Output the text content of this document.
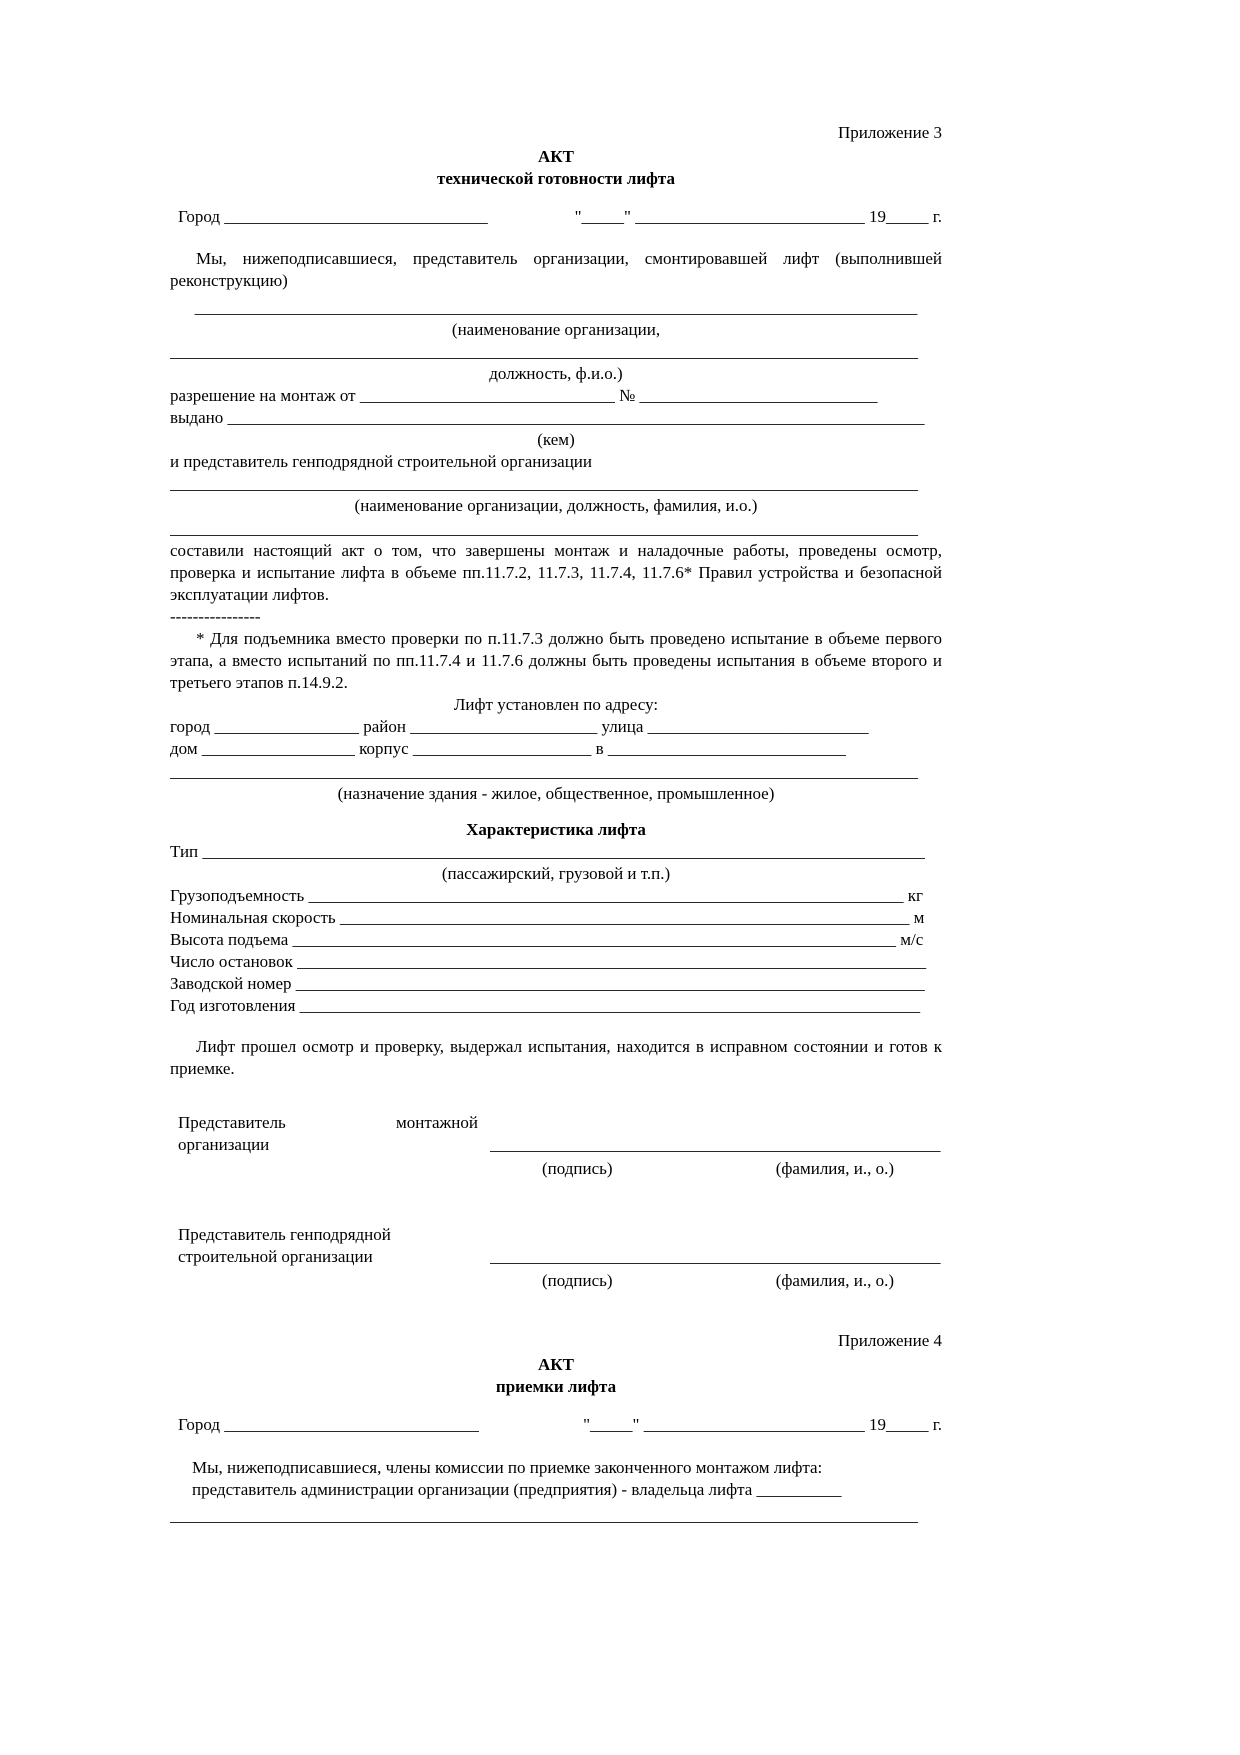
Приложение 3
АКТ
технической готовности лифта
Город _______________________________	"_____" ___________________________ 19_____ г.
Мы, нижеподписавшиеся, представитель организации, смонтировавшей лифт (выполнившей реконструкцию)
_____________________________________________________________________________________
(наименование организации,
________________________________________________________________________________________
должность, ф.и.о.)
разрешение на монтаж от ______________________________ № ____________________________
выдано __________________________________________________________________________________
(кем)
и представитель генподрядной строительной организации
________________________________________________________________________________________
(наименование организации, должность, фамилия, и.о.)
________________________________________________________________________________________
составили настоящий акт о том, что завершены монтаж и наладочные работы, проведены осмотр, проверка и испытание лифта в объеме пп.11.7.2, 11.7.3, 11.7.4, 11.7.6* Правил устройства и безопасной эксплуатации лифтов.
----------------
* Для подъемника вместо проверки по п.11.7.3 должно быть проведено испытание в объеме первого этапа, а вместо испытаний по пп.11.7.4 и 11.7.6 должны быть проведены испытания в объеме второго и третьего этапов п.14.9.2.
Лифт установлен по адресу:
город _________________ район ______________________ улица __________________________
дом __________________ корпус _____________________ в ____________________________
________________________________________________________________________________________
(назначение здания - жилое, общественное, промышленное)
Характеристика лифта
Тип _____________________________________________________________________________________
(пассажирский, грузовой и т.п.)
Грузоподъемность ______________________________________________________________________ кг
Номинальная скорость ___________________________________________________________________ м
Высота подъема _______________________________________________________________________ м/с
Число остановок __________________________________________________________________________
Заводской номер __________________________________________________________________________
Год изготовления _________________________________________________________________________
Лифт прошел осмотр и проверку, выдержал испытания, находится в исправном состоянии и готов к приемке.
Представитель	монтажной
организации	_____________________________________________________
(подпись)	(фамилия, и., о.)
Представитель генподрядной
строительной организации	_____________________________________________________
(подпись)	(фамилия, и., о.)
Приложение 4
АКТ
приемки лифта
Город ______________________________	"_____" __________________________ 19_____ г.
Мы, нижеподписавшиеся, члены комиссии по приемке законченного монтажом лифта:
представитель администрации организации (предприятия) - владельца лифта __________
________________________________________________________________________________________
